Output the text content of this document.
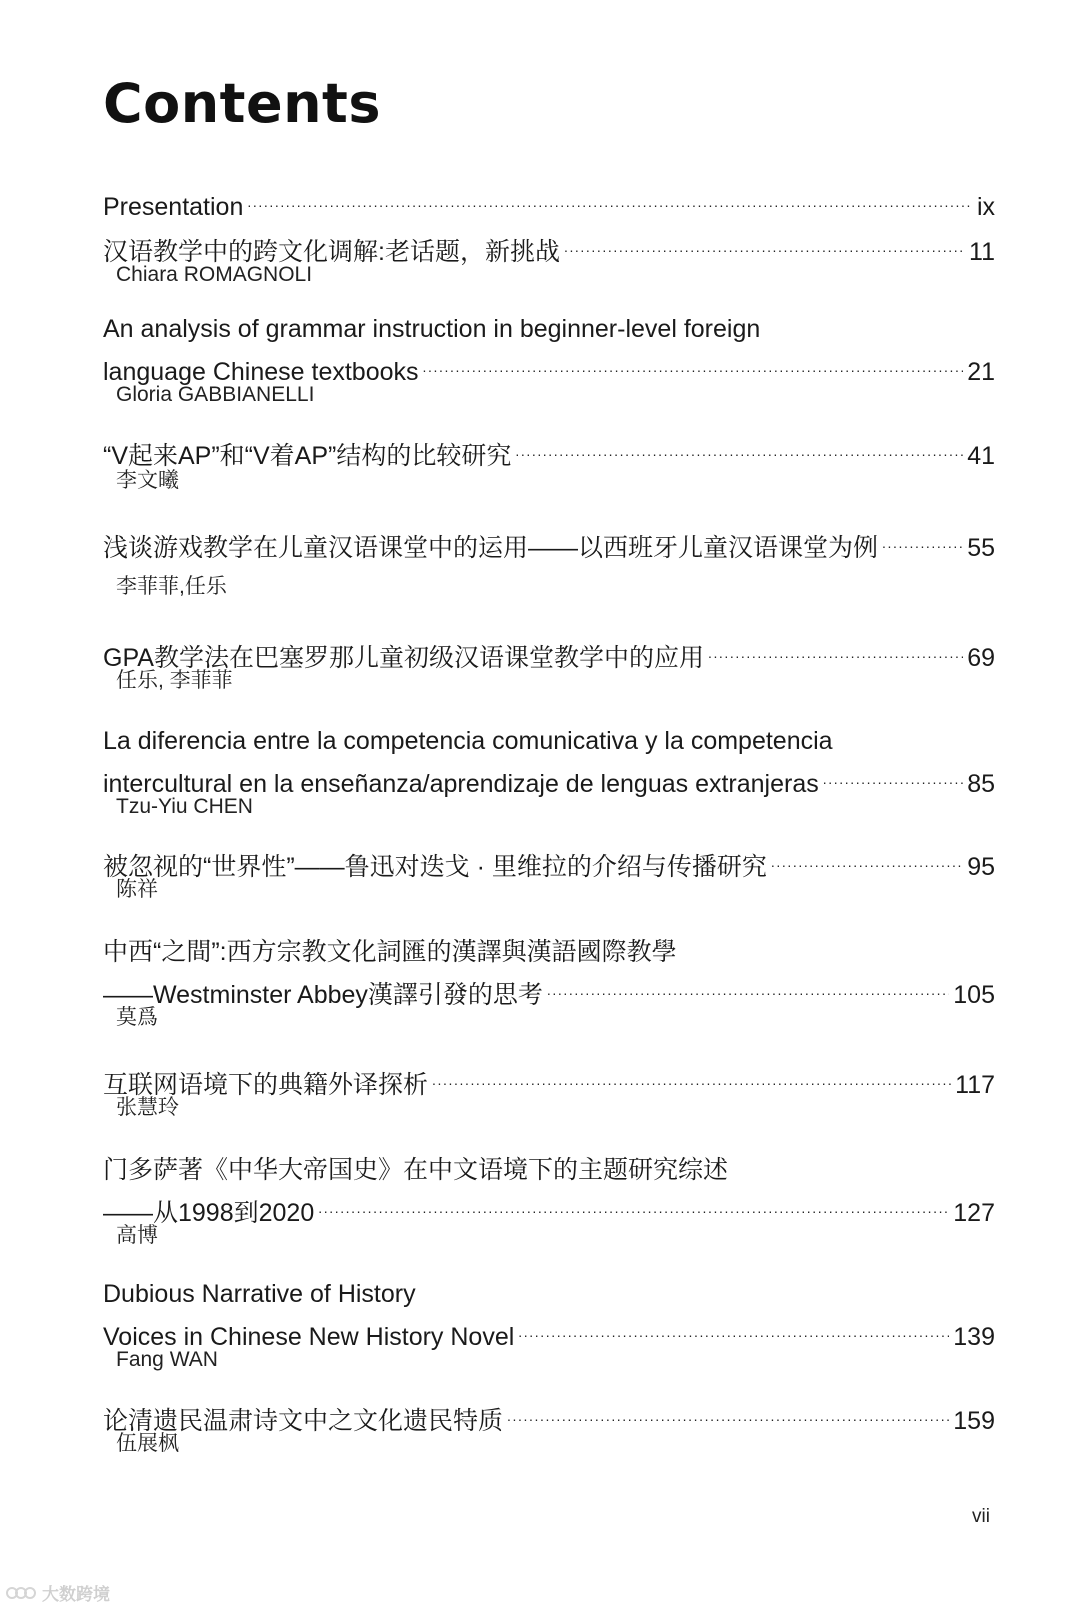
Contents
Presentation .....	ix
汉语教学中的跨文化调解:老话题，新挑战 .....	11
Chiara ROMAGNOLI
An analysis of grammar instruction in beginner-level foreign
language Chinese textbooks .....	21
Gloria GABBIANELLI
“V起来AP”和“V着AP”结构的比较研究 .....	41
李文曦
浅谈游戏教学在儿童汉语课堂中的运用——以西班牙儿童汉语课堂为例 .....	55
李菲菲,任乐
GPA教学法在巴塞罗那儿童初级汉语课堂教学中的应用 .....	69
任乐, 李菲菲
La diferencia entre la competencia comunicativa y la competencia
intercultural en la enseñanza/aprendizaje de lenguas extranjeras .....	85
Tzu-Yiu CHEN
被忽视的“世界性”——鲁迅对迭戈 · 里维拉的介绍与传播研究 .....	95
陈祥
中西“之間”:西方宗教文化詞匯的漢譯與漢語國際教學
——Westminster Abbey漢譯引發的思考 .....	105
莫爲
互联网语境下的典籍外译探析 .....	117
张慧玲
门多萨著《中华大帝国史》在中文语境下的主题研究综述
——从1998到2020 .....	127
高博
Dubious Narrative of History
Voices in Chinese New History Novel .....	139
Fang WAN
论清遗民温肃诗文中之文化遗民特质 .....	159
伍展枫
vii
大数跨境
